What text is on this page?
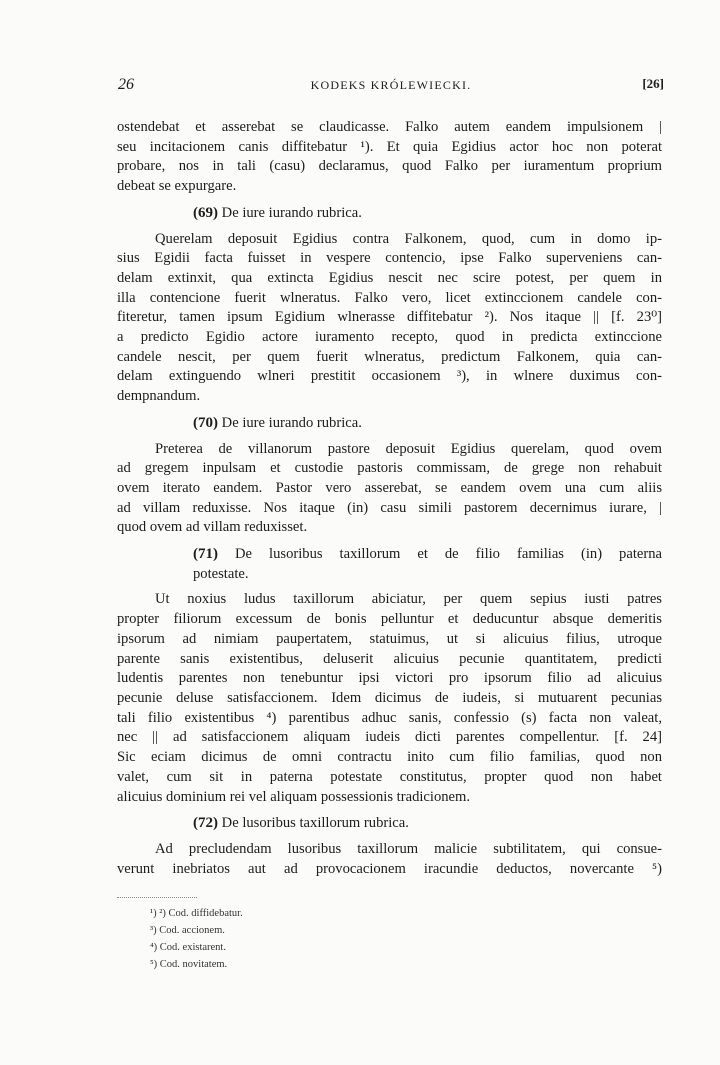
26	KODEKS KRÓLEWIECKI.	[26]

ostendebat et asserebat se claudicasse. Falko autem eandem impulsionem |
seu incitacionem canis diffitebatur ¹). Et quia Egidius actor hoc non poterat
probare, nos in tali (casu) declaramus, quod Falko per iuramentum proprium
debeat se expurgare.

(69) De iure iurando rubrica.

Querelam deposuit Egidius contra Falkonem, quod, cum in domo ip-
sius Egidii facta fuisset in vespere contencio, ipse Falko superveniens can-
delam extinxit, qua extincta Egidius nescit nec scire potest, per quem in
illa contencione fuerit wlneratus. Falko vero, licet extinccionem candele con-
fiteretur, tamen ipsum Egidium wlnerasse diffitebatur ²). Nos itaque || [f. 23⁰]
a predicto Egidio actore iuramento recepto, quod in predicta extinccione
candele nescit, per quem fuerit wlneratus, predictum Falkonem, quia can-
delam extinguendo wlneri prestitit occasionem ³), in wlnere duximus con-
dempnandum.

(70) De iure iurando rubrica.

Preterea de villanorum pastore deposuit Egidius querelam, quod ovem
ad gregem inpulsam et custodie pastoris commissam, de grege non rehabuit
ovem iterato eandem. Pastor vero asserebat, se eandem ovem una cum aliis
ad villam reduxisse. Nos itaque (in) casu simili pastorem decernimus iurare, |
quod ovem ad villam reduxisset.

(71) De lusoribus taxillorum et de filio familias (in) paterna
potestate.

Ut noxius ludus taxillorum abiciatur, per quem sepius iusti patres
propter filiorum excessum de bonis pelluntur et deducuntur absque demeritis
ipsorum ad nimiam paupertatem, statuimus, ut si alicuius filius, utroque
parente sanis existentibus, deluserit alicuius pecunie quantitatem, predicti
ludentis parentes non tenebuntur ipsi victori pro ipsorum filio ad alicuius
pecunie deluse satisfaccionem. Idem dicimus de iudeis, si mutuarent pecunias
tali filio existentibus ⁴) parentibus adhuc sanis, confessio (s) facta non valeat,
nec || ad satisfaccionem aliquam iudeis dicti parentes compellentur. [f. 24]
Sic eciam dicimus de omni contractu inito cum filio familias, quod non
valet, cum sit in paterna potestate constitutus, propter quod non habet
alicuius dominium rei vel aliquam possessionis tradicionem.

(72) De lusoribus taxillorum rubrica.

Ad precludendam lusoribus taxillorum malicie subtilitatem, qui consue-
verunt inebriatos aut ad provocacionem iracundie deductos, novercante ⁵)

¹) ²) Cod. diffidebatur.
³) Cod. accionem.
⁴) Cod. existarent.
⁵) Cod. novitatem.
